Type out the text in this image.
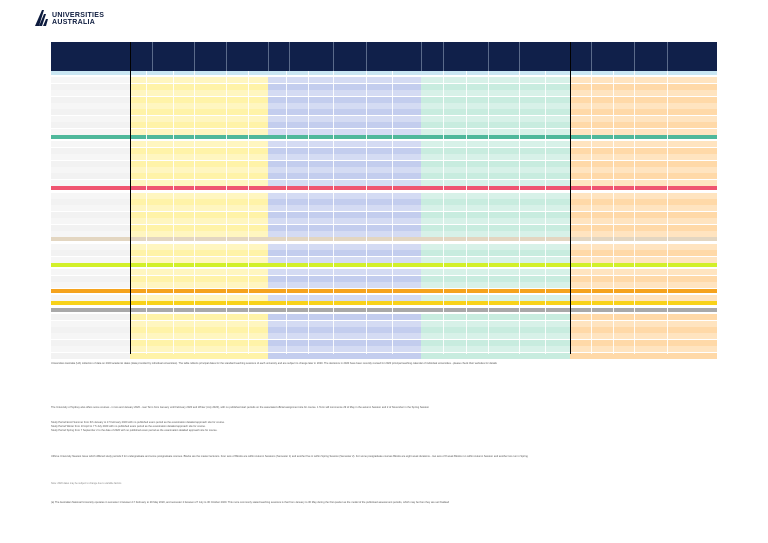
UNIVERSITIES
AUSTRALIA
Universities Australia (UA) collection of data on 2020 academic dates (data provided by individual universities). The table reflects principal dates for the standard teaching sessions of each university and are subject to change later in 2020. The decisions in 2020 have been recently revised for 2020 principal teaching calendar of individual universities - please check their websites for details
The University of Sydney also offers some courses - in two and January 2020 - rear Term from January until February 2020 and Winter (July 2020), with no published start periods on the associated official assignment site for course. 1 Term will commence 29 of May in the autumn Session and 2 of November in the Spring Session
Study Period Enrol Summer from 6th January to 17 February 2020 with no published exam period as the examination detailed approach site for course.
Study Period Winter from 13 April to 7 5 July 2020 with no published exam period as the examination detailed approach site for course.
Study Period Spring from 7 September 2 to the date of 2020 with no published exam period as the examination detailed approach site for course.
Ulthrue University Nearest Issue which differed study periods if for undergraduate and some postgraduate courses. Blocks are the master lecturers. Four sets of Blocks are within Autumn Sessions (Semester 1) and another five in within Spring Session (Semester 2). For some postgraduate courses Blocks are eight week durations - two sets of 8 week Blocks run within Autumn Session and another two run in Spring
Note: 2020 dates may be subject to change due to variable factors
(a) The Australian National University operates in semester 1 between 17 February to 29 May 2020, and semester 2 between 27 July to 30 October 2020. This more commonly stated teaching sessions is that from January to 30 May during the first quarter as the model of the publicised assessment periods, which may be then they are set finalised
